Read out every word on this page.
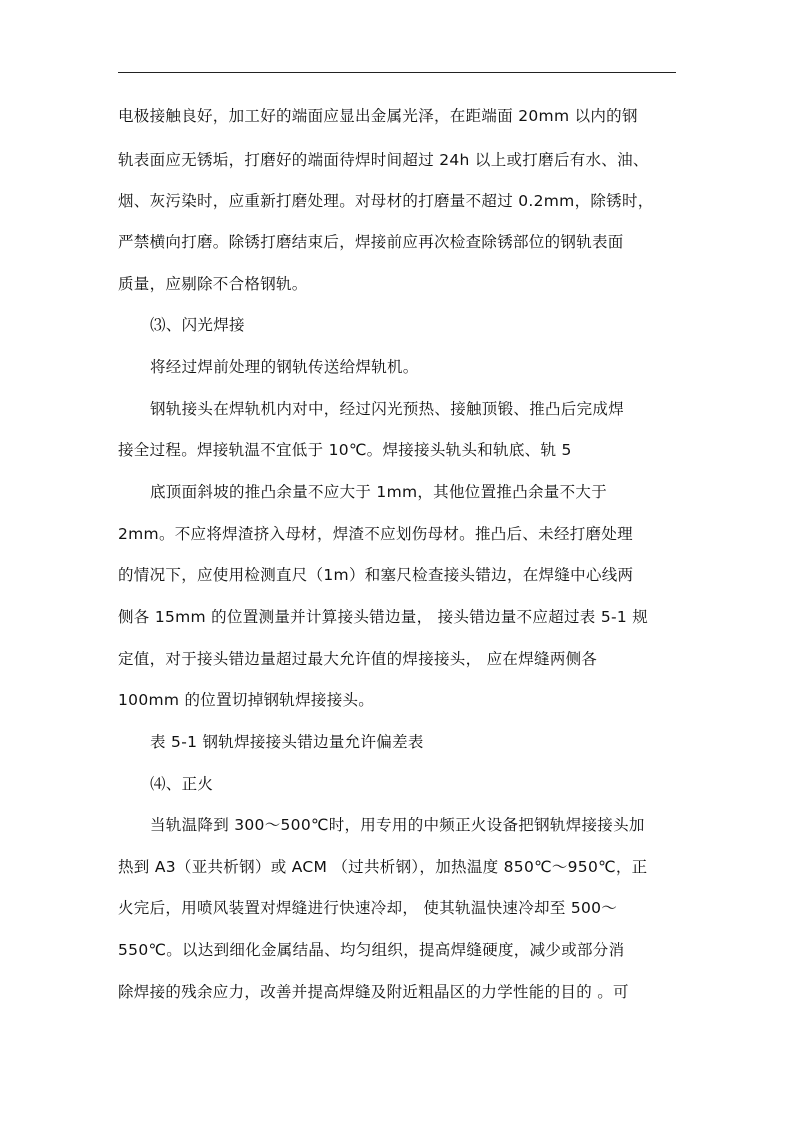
电极接触良好，加工好的端面应显出金属光泽，在距端面 20mm 以内的钢
轨表面应无锈垢，打磨好的端面待焊时间超过 24h 以上或打磨后有水、油、
烟、灰污染时，应重新打磨处理。对母材的打磨量不超过 0.2mm，除锈时，
严禁横向打磨。除锈打磨结束后，焊接前应再次检查除锈部位的钢轨表面
质量，应剔除不合格钢轨。
⑶、闪光焊接
将经过焊前处理的钢轨传送给焊轨机。
钢轨接头在焊轨机内对中，经过闪光预热、接触顶锻、推凸后完成焊
接全过程。焊接轨温不宜低于 10℃。焊接接头轨头和轨底、轨 5
底顶面斜坡的推凸余量不应大于 1mm，其他位置推凸余量不大于
2mm。不应将焊渣挤入母材，焊渣不应划伤母材。推凸后、未经打磨处理
的情况下，应使用检测直尺（1m）和塞尺检查接头错边，在焊缝中心线两
侧各 15mm 的位置测量并计算接头错边量， 接头错边量不应超过表 5-1 规
定值，对于接头错边量超过最大允许值的焊接接头， 应在焊缝两侧各
100mm 的位置切掉钢轨焊接接头。
表 5-1 钢轨焊接接头错边量允许偏差表
⑷、正火
当轨温降到 300～500℃时，用专用的中频正火设备把钢轨焊接接头加
热到 A3（亚共析钢）或 ACM （过共析钢），加热温度 850℃～950℃，正
火完后，用喷风装置对焊缝进行快速冷却， 使其轨温快速冷却至 500～
550℃。以达到细化金属结晶、均匀组织，提高焊缝硬度，减少或部分消
除焊接的残余应力，改善并提高焊缝及附近粗晶区的力学性能的目的 。可
